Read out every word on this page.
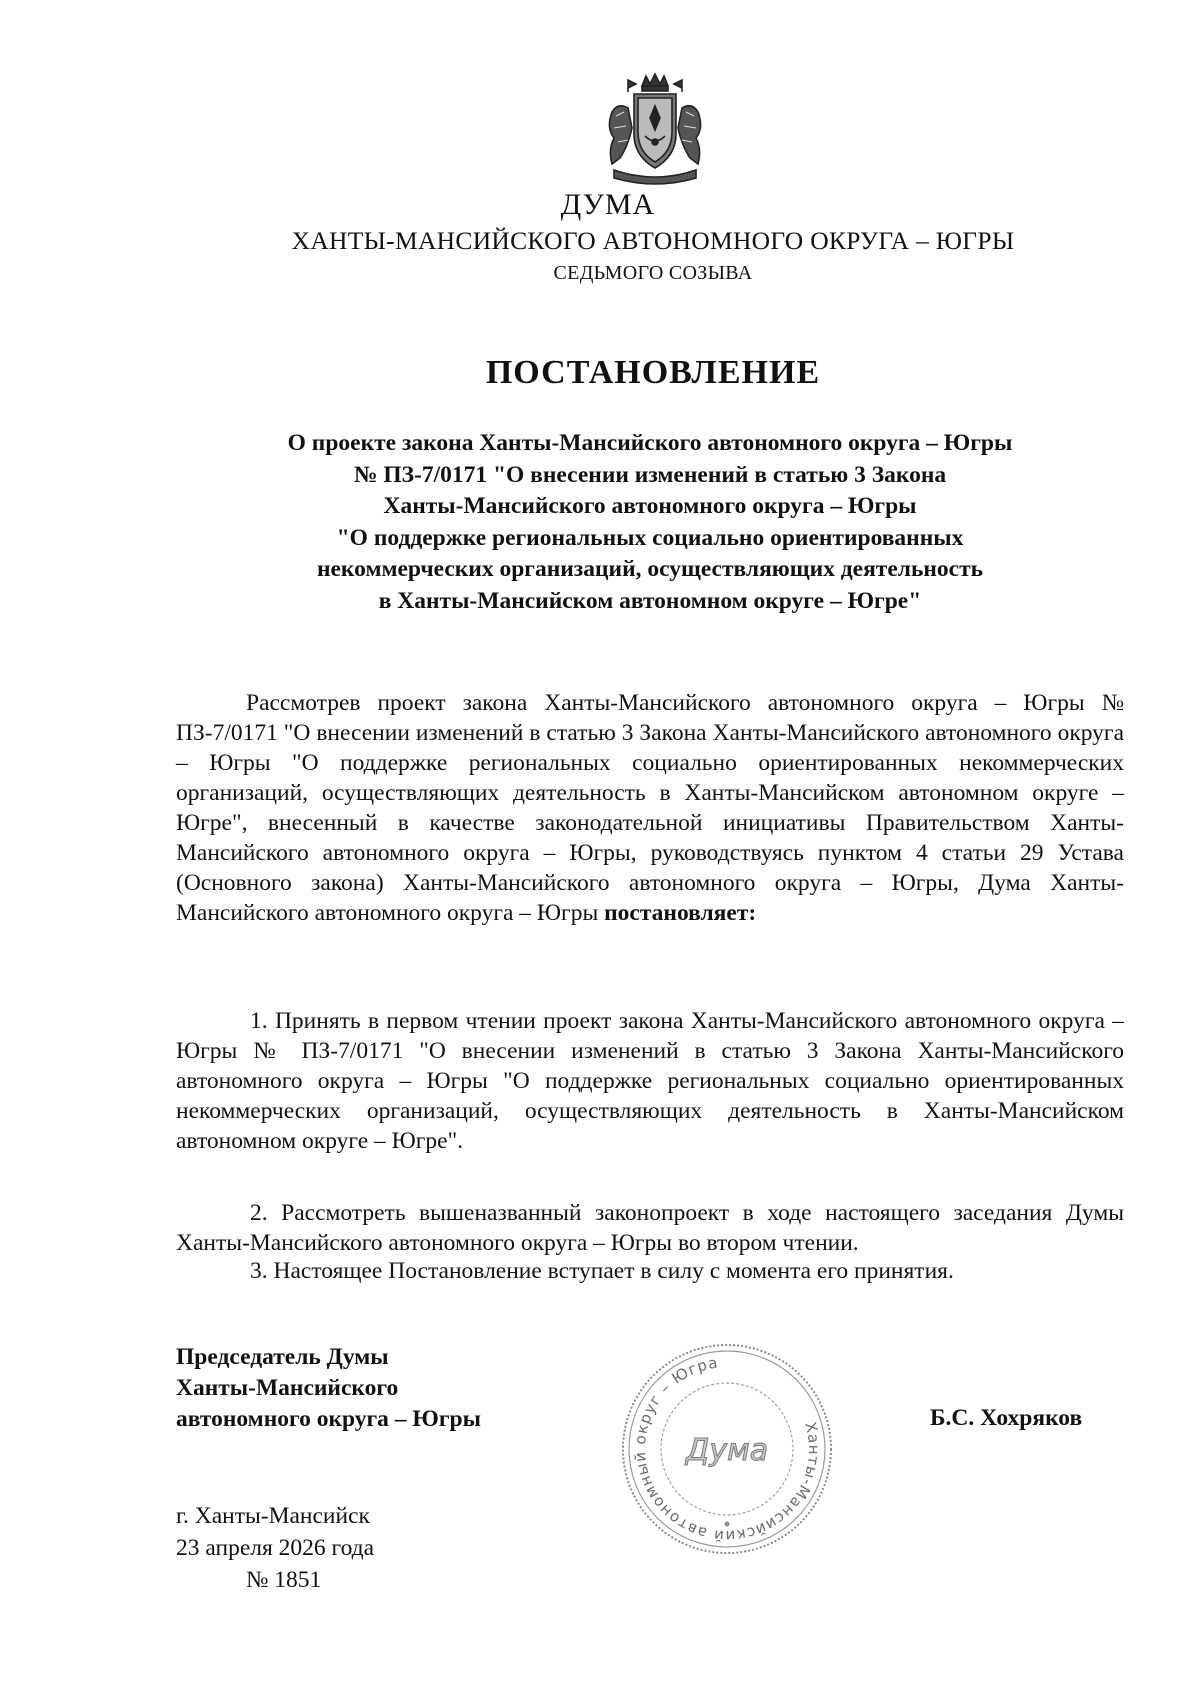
ДУМА
ХАНТЫ-МАНСИЙСКОГО АВТОНОМНОГО ОКРУГА – ЮГРЫ
СЕДЬМОГО СОЗЫВА
ПОСТАНОВЛЕНИЕ
О проекте закона Ханты-Мансийского автономного округа – Югры
№ ПЗ-7/0171 "О внесении изменений в статью 3 Закона
Ханты-Мансийского автономного округа – Югры
"О поддержке региональных социально ориентированных
некоммерческих организаций, осуществляющих деятельность
в Ханты-Мансийском автономном округе – Югре"
Рассмотрев проект закона Ханты-Мансийского автономного округа – Югры № ПЗ-7/0171 "О внесении изменений в статью 3 Закона Ханты-Мансийского автономного округа – Югры "О поддержке региональных социально ориентированных некоммерческих организаций, осуществляющих деятельность в Ханты-Мансийском автономном округе – Югре", внесенный в качестве законодательной инициативы Правительством Ханты-Мансийского автономного округа – Югры, руководствуясь пунктом 4 статьи 29 Устава (Основного закона) Ханты-Мансийского автономного округа – Югры, Дума Ханты-Мансийского автономного округа – Югры постановляет:
1. Принять в первом чтении проект закона Ханты-Мансийского автономного округа – Югры № ПЗ-7/0171 "О внесении изменений в статью 3 Закона Ханты-Мансийского автономного округа – Югры "О поддержке региональных социально ориентированных некоммерческих организаций, осуществляющих деятельность в Ханты-Мансийском автономном округе – Югре".
2. Рассмотреть вышеназванный законопроект в ходе настоящего заседания Думы Ханты-Мансийского автономного округа – Югры во втором чтении.
3. Настоящее Постановление вступает в силу с момента его принятия.
Председатель Думы
Ханты-Мансийского
автономного округа – Югры	Ханты-Мансийский автономный округ – Югра
Дума
Б.С. Хохряков
г. Ханты-Мансийск
23 апреля 2026 года
№ 1851
